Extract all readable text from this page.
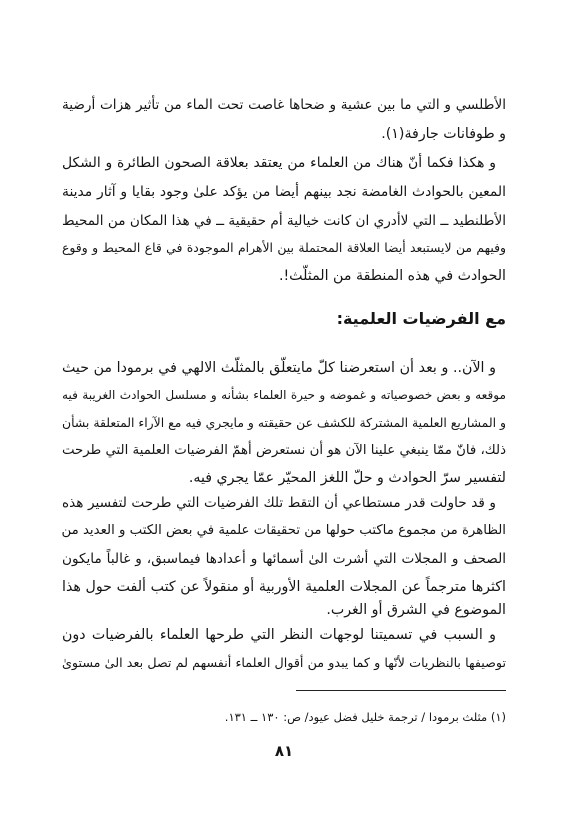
الأطلسي و التي ما بين عشية و ضحاها غاصت تحت الماء من تأثير هزات أرضية
و طوفانات جارفة(١).
و هكذا فكما أنّ هناك من العلماء من يعتقد بعلاقة الصحون الطائرة و الشكل
المعين بالحوادث الغامضة نجد بينهم أيضا من يؤكد علىٰ وجود بقايا و آثار مدينة
الأطلنطيد ــ التي لاأدري ان كانت خيالية أم حقيقية ــ في هذا المكان من المحيط
وفيهم من لايستبعد أيضا العلاقة المحتملة بين الأهرام الموجودة في قاع المحيط و وقوع
الحوادث في هذه المنطقة من المثلّث!.
مع الفرضيات العلمية:
و الآن.. و بعد أن استعرضنا كلّ مايتعلّق بالمثلّث الالهي في برمودا من حيث
موقعه و بعض خصوصياته و غموضه و حيرة العلماء بشأنه و مسلسل الحوادث الغريبة فيه
و المشاريع العلمية المشتركة للكشف عن حقيقته و مايجري فيه مع الآراء المتعلقة بشأن
ذلك، فانّ ممّا ينبغي علينا الآن هو أن نستعرض أهمّ الفرضيات العلمية التي طرحت
لتفسير سرّ الحوادث و حلّ اللغز المحيّر عمّا يجري فيه.
و قد حاولت قدر مستطاعي أن التقط تلك الفرضيات التي طرحت لتفسير هذه
الظاهرة من مجموع ماكتب حولها من تحقيقات علمية في بعض الكتب و العديد من
الصحف و المجلات التي أشرت الىٰ أسمائها و أعدادها فيماسبق، و غالباً مايكون
اكثرها مترجماً عن المجلات العلمية الأوربية أو منقولاً عن كتب ألفت حول هذا
الموضوع في الشرق أو الغرب.
و السبب في تسميتنا لوجهات النظر التي طرحها العلماء بالفرضيات دون
توصيفها بالنظريات لأنّها و كما يبدو من أقوال العلماء أنفسهم لم تصل بعد الىٰ مستوىٰ
(١) مثلث برمودا / ترجمة خليل فضل عيود/ ص: ١٣٠ ــ ١٣١.
٨١
